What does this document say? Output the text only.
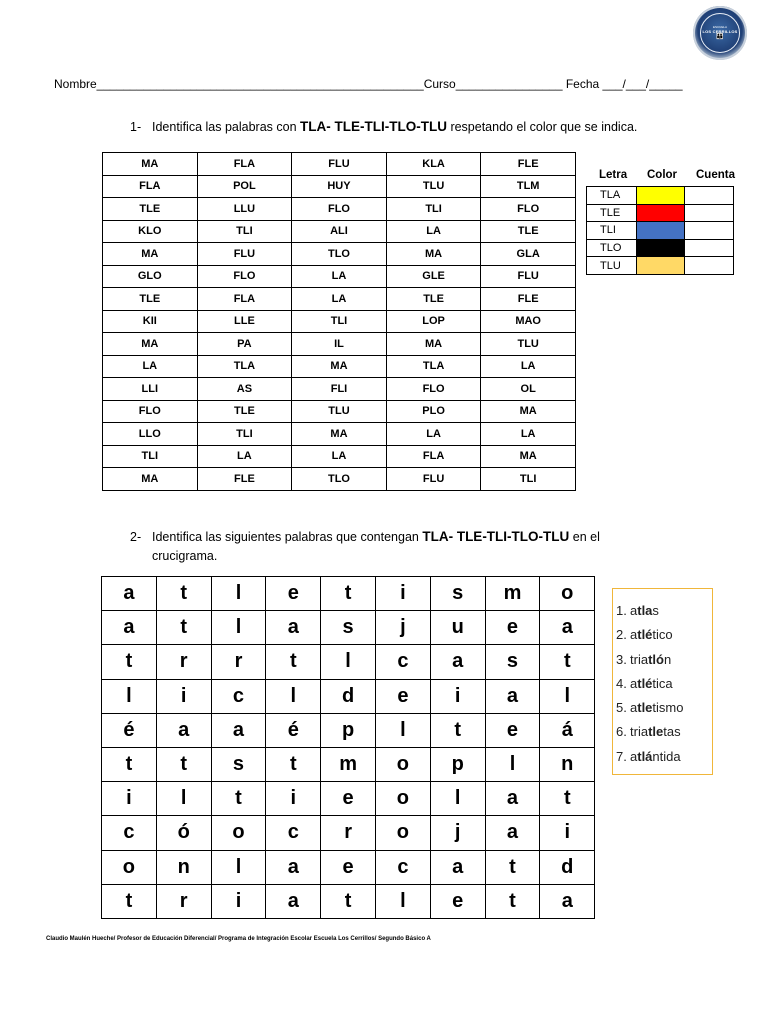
ESCUELA
LOS CERRILLOS
👪
Nombre_________________________________________________Curso________________ Fecha ___/___/_____
1- Identifica las palabras con TLA- TLE-TLI-TLO-TLU respetando el color que se indica.
MA	FLA	FLU	KLA	FLE
FLA	POL	HUY	TLU	TLM
TLE	LLU	FLO	TLI	FLO
KLO	TLI	ALI	LA	TLE
MA	FLU	TLO	MA	GLA
GLO	FLO	LA	GLE	FLU
TLE	FLA	LA	TLE	FLE
KII	LLE	TLI	LOP	MAO
MA	PA	IL	MA	TLU
LA	TLA	MA	TLA	LA
LLI	AS	FLI	FLO	OL
FLO	TLE	TLU	PLO	MA
LLO	TLI	MA	LA	LA
TLI	LA	LA	FLA	MA
MA	FLE	TLO	FLU	TLI
Letra Color Cuenta
TLA		
TLE		
TLI		
TLO		
TLU		
2- Identifica las siguientes palabras que contengan TLA- TLE-TLI-TLO-TLU en el
crucigrama.
a	t	l	e	t	i	s	m	o
a	t	l	a	s	j	u	e	a
t	r	r	t	l	c	a	s	t
l	i	c	l	d	e	i	a	l
é	a	a	é	p	l	t	e	á
t	t	s	t	m	o	p	l	n
i	l	t	i	e	o	l	a	t
c	ó	o	c	r	o	j	a	i
o	n	l	a	e	c	a	t	d
t	r	i	a	t	l	e	t	a
1. atlas
2. atlético
3. triatlón
4. atlética
5. atletismo
6. triatletas
7. atlántida
Claudio Maulén Hueche/ Profesor de Educación Diferencial/ Programa de Integración Escolar Escuela Los Cerrillos/ Segundo Básico A
